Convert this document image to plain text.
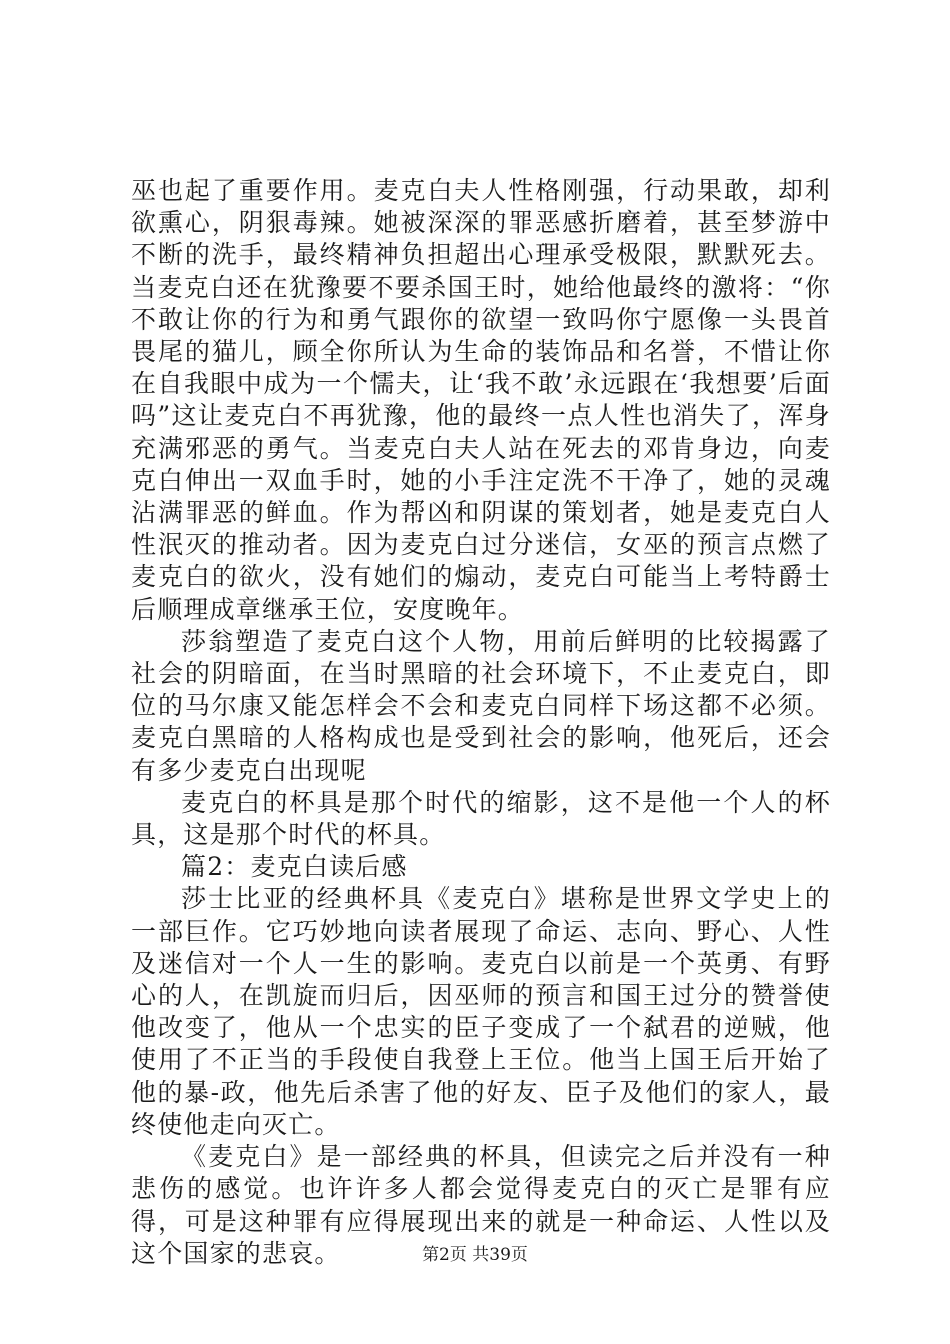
巫也起了重要作用。麦克白夫人性格刚强，行动果敢，却利欲熏心，阴狠毒辣。她被深深的罪恶感折磨着，甚至梦游中不断的洗手，最终精神负担超出心理承受极限，默默死去。当麦克白还在犹豫要不要杀国王时，她给他最终的激将：“你不敢让你的行为和勇气跟你的欲望一致吗你宁愿像一头畏首畏尾的猫儿，顾全你所认为生命的装饰品和名誉，不惜让你在自我眼中成为一个懦夫，让‘我不敢’永远跟在‘我想要’后面吗”这让麦克白不再犹豫，他的最终一点人性也消失了，浑身充满邪恶的勇气。当麦克白夫人站在死去的邓肯身边，向麦克白伸出一双血手时，她的小手注定洗不干净了，她的灵魂沾满罪恶的鲜血。作为帮凶和阴谋的策划者，她是麦克白人性泯灭的推动者。因为麦克白过分迷信，女巫的预言点燃了麦克白的欲火，没有她们的煽动，麦克白可能当上考特爵士后顺理成章继承王位，安度晚年。

莎翁塑造了麦克白这个人物，用前后鲜明的比较揭露了社会的阴暗面，在当时黑暗的社会环境下，不止麦克白，即位的马尔康又能怎样会不会和麦克白同样下场这都不必须。麦克白黑暗的人格构成也是受到社会的影响，他死后，还会有多少麦克白出现呢

麦克白的杯具是那个时代的缩影，这不是他一个人的杯具，这是那个时代的杯具。

篇2：麦克白读后感

莎士比亚的经典杯具《麦克白》堪称是世界文学史上的一部巨作。它巧妙地向读者展现了命运、志向、野心、人性及迷信对一个人一生的影响。麦克白以前是一个英勇、有野心的人，在凯旋而归后，因巫师的预言和国王过分的赞誉使他改变了，他从一个忠实的臣子变成了一个弑君的逆贼，他使用了不正当的手段使自我登上王位。他当上国王后开始了他的暴-政，他先后杀害了他的好友、臣子及他们的家人，最终使他走向灭亡。

《麦克白》是一部经典的杯具，但读完之后并没有一种悲伤的感觉。也许许多人都会觉得麦克白的灭亡是罪有应得，可是这种罪有应得展现出来的就是一种命运、人性以及这个国家的悲哀。	第2页 共39页
